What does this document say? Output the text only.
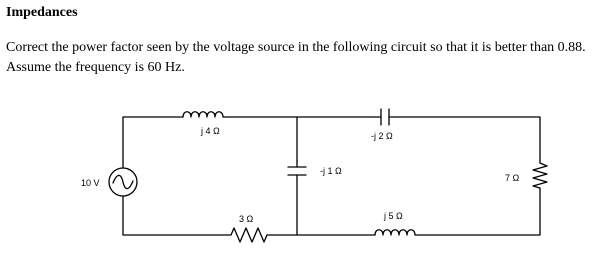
Impedances
Correct the power factor seen by the voltage source in the following circuit so that it is better than 0.88. Assume the frequency is 60 Hz.
10 V
j 4 Ω	-j 2 Ω
-j 1 Ω
3 Ω	j 5 Ω
7 Ω
